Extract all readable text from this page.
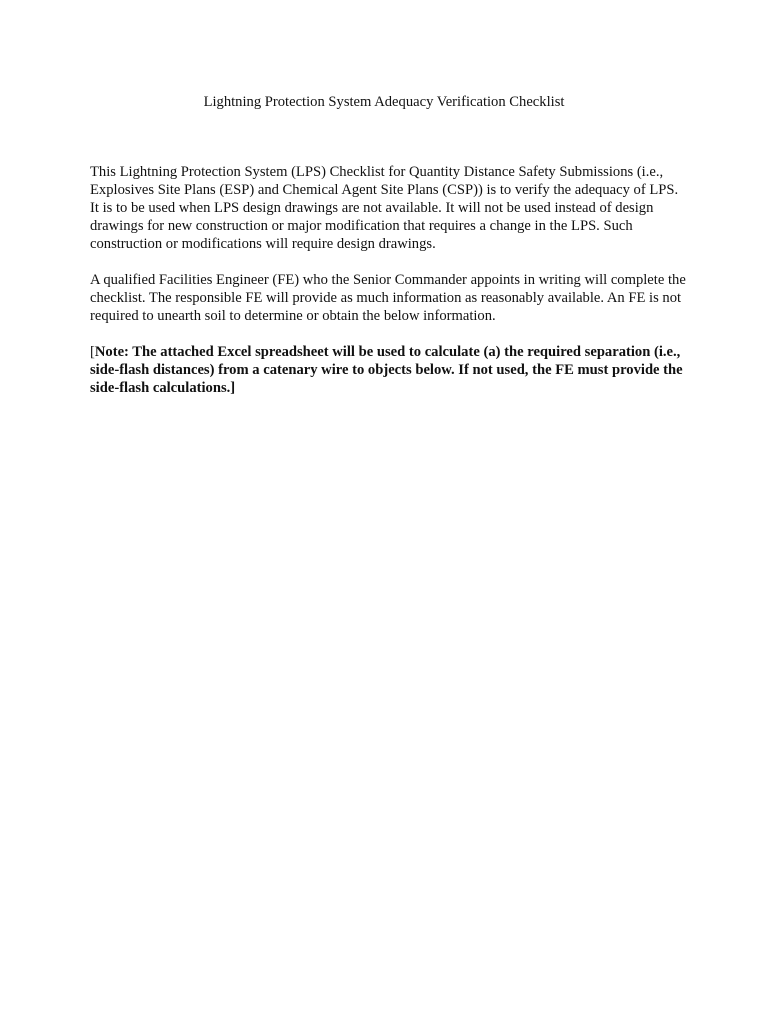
Lightning Protection System Adequacy Verification Checklist

This Lightning Protection System (LPS) Checklist for Quantity Distance Safety Submissions (i.e., Explosives Site Plans (ESP) and Chemical Agent Site Plans (CSP)) is to verify the adequacy of LPS. It is to be used when LPS design drawings are not available. It will not be used instead of design drawings for new construction or major modification that requires a change in the LPS. Such construction or modifications will require design drawings.

A qualified Facilities Engineer (FE) who the Senior Commander appoints in writing will complete the checklist. The responsible FE will provide as much information as reasonably available. An FE is not required to unearth soil to determine or obtain the below information.

[Note: The attached Excel spreadsheet will be used to calculate (a) the required separation (i.e., side-flash distances) from a catenary wire to objects below. If not used, the FE must provide the side-flash calculations.]
